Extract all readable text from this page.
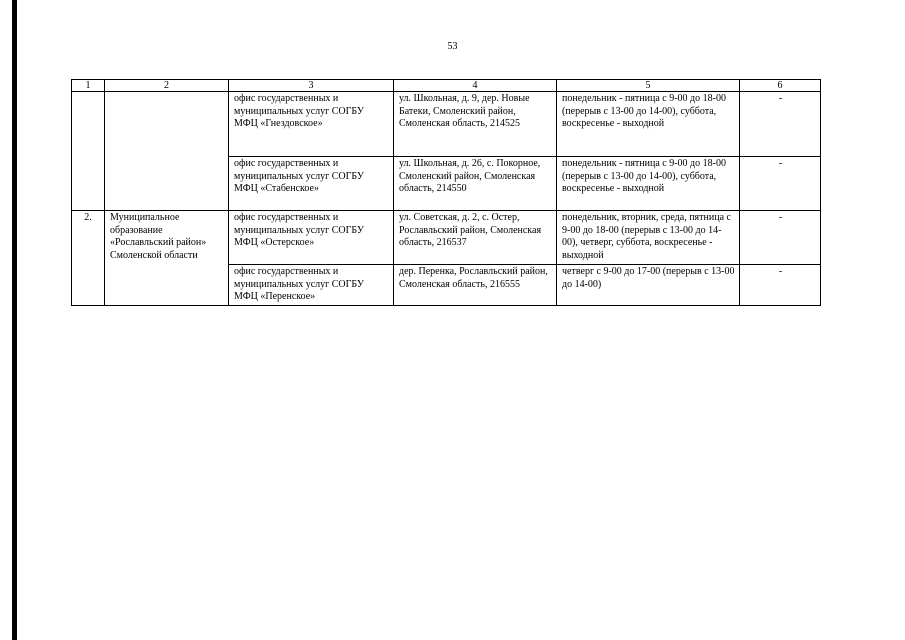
53
1	2	3	4	5	6
		офис государственных и муниципальных услуг СОГБУ МФЦ «Гнездовское»	ул. Школьная, д. 9, дер. Новые Батеки, Смоленский район, Смоленская область, 214525	понедельник - пятница с 9-00 до 18-00 (перерыв с 13-00 до 14-00), суббота, воскресенье - выходной	-
		офис государственных и муниципальных услуг СОГБУ МФЦ «Стабенское»	ул. Школьная, д. 26, с. Покорное, Смоленский район, Смоленская область, 214550	понедельник - пятница с 9-00 до 18-00 (перерыв с 13-00 до 14-00), суббота, воскресенье - выходной	-
2.	Муниципальное образование «Рославльский район» Смоленской области	офис государственных и муниципальных услуг СОГБУ МФЦ «Остерское»	ул. Советская, д. 2, с. Остер, Рославльский район, Смоленская область, 216537	понедельник, вторник, среда, пятница с 9-00 до 18-00 (перерыв с 13-00 до 14-00), четверг, суббота, воскресенье - выходной	-
		офис государственных и муниципальных услуг СОГБУ МФЦ «Перенское»	дер. Перенка, Рославльский район, Смоленская область, 216555	четверг с 9-00 до 17-00 (перерыв с 13-00 до 14-00)	-
